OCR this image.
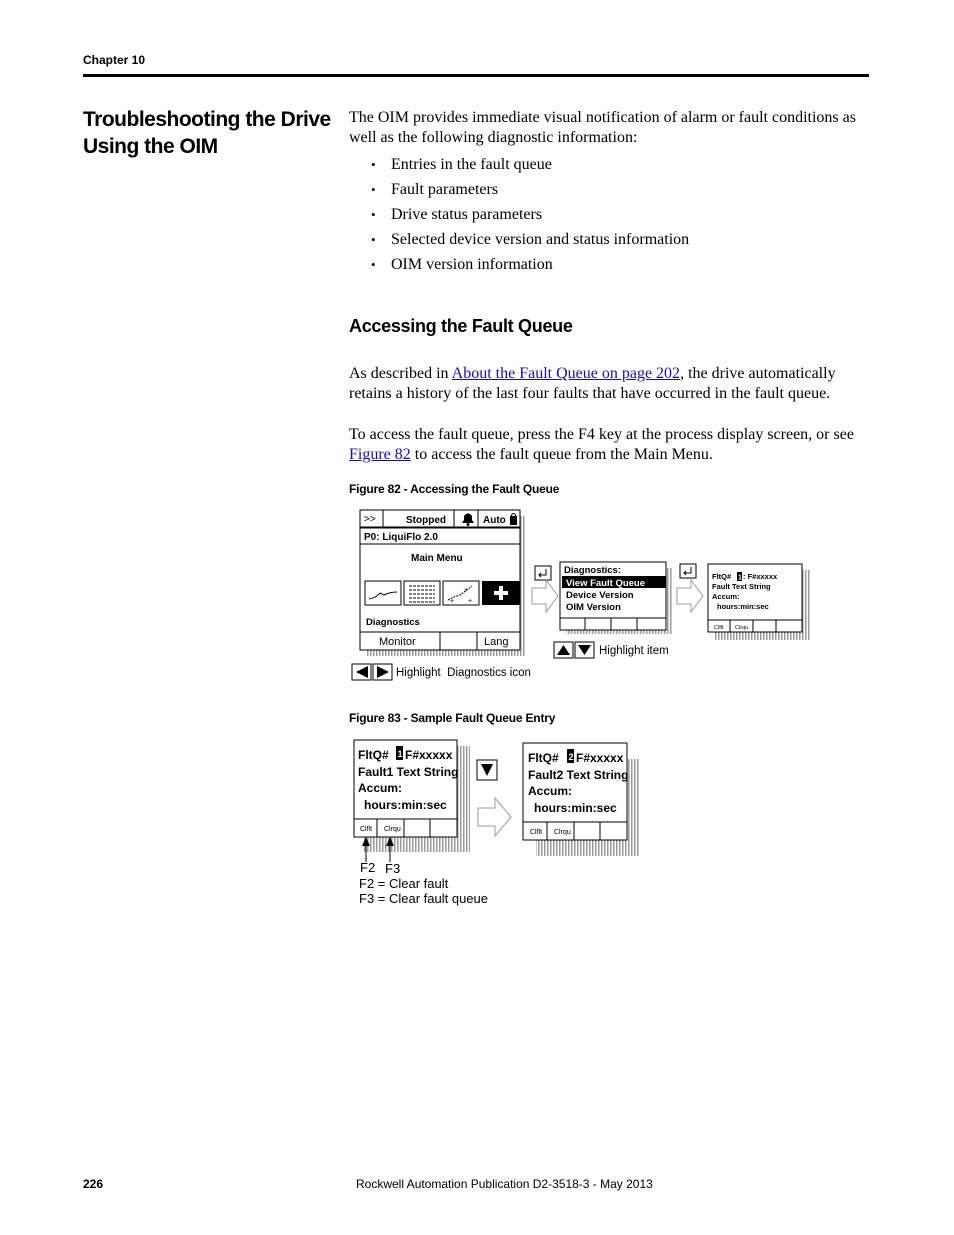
Chapter 10
Troubleshooting the Drive Using the OIM
The OIM provides immediate visual notification of alarm or fault conditions as well as the following diagnostic information:
• Entries in the fault queue
• Fault parameters
• Drive status parameters
• Selected device version and status information
• OIM version information
Accessing the Fault Queue
As described in About the Fault Queue on page 202, the drive automatically retains a history of the last four faults that have occurred in the fault queue.
To access the fault queue, press the F4 key at the process display screen, or see Figure 82 to access the fault queue from the Main Menu.
Figure 82 - Accessing the Fault Queue
>>	Stopped	Auto
P0: LiquiFlo 2.0
Main Menu
+
+ +
Diagnostics
Monitor	Lang
Diagnostics:
View Fault Queue
Device Version
OIM Version
FltQ# 1 : F#xxxxx
Fault Text String
Accum:
hours:min:sec
Clflt Clrqu
Highlight item
Highlight  Diagnostics icon
Figure 83 - Sample Fault Queue Entry
FltQ# 1 F#xxxxx
Fault1 Text String
Accum:
hours:min:sec
Clflt Clrqu
F2 F3
F2 = Clear fault
F3 = Clear fault queue
FltQ# 2 F#xxxxx
Fault2 Text String
Accum:
hours:min:sec
Clflt Clrqu
226	Rockwell Automation Publication D2-3518-3 - May 2013
